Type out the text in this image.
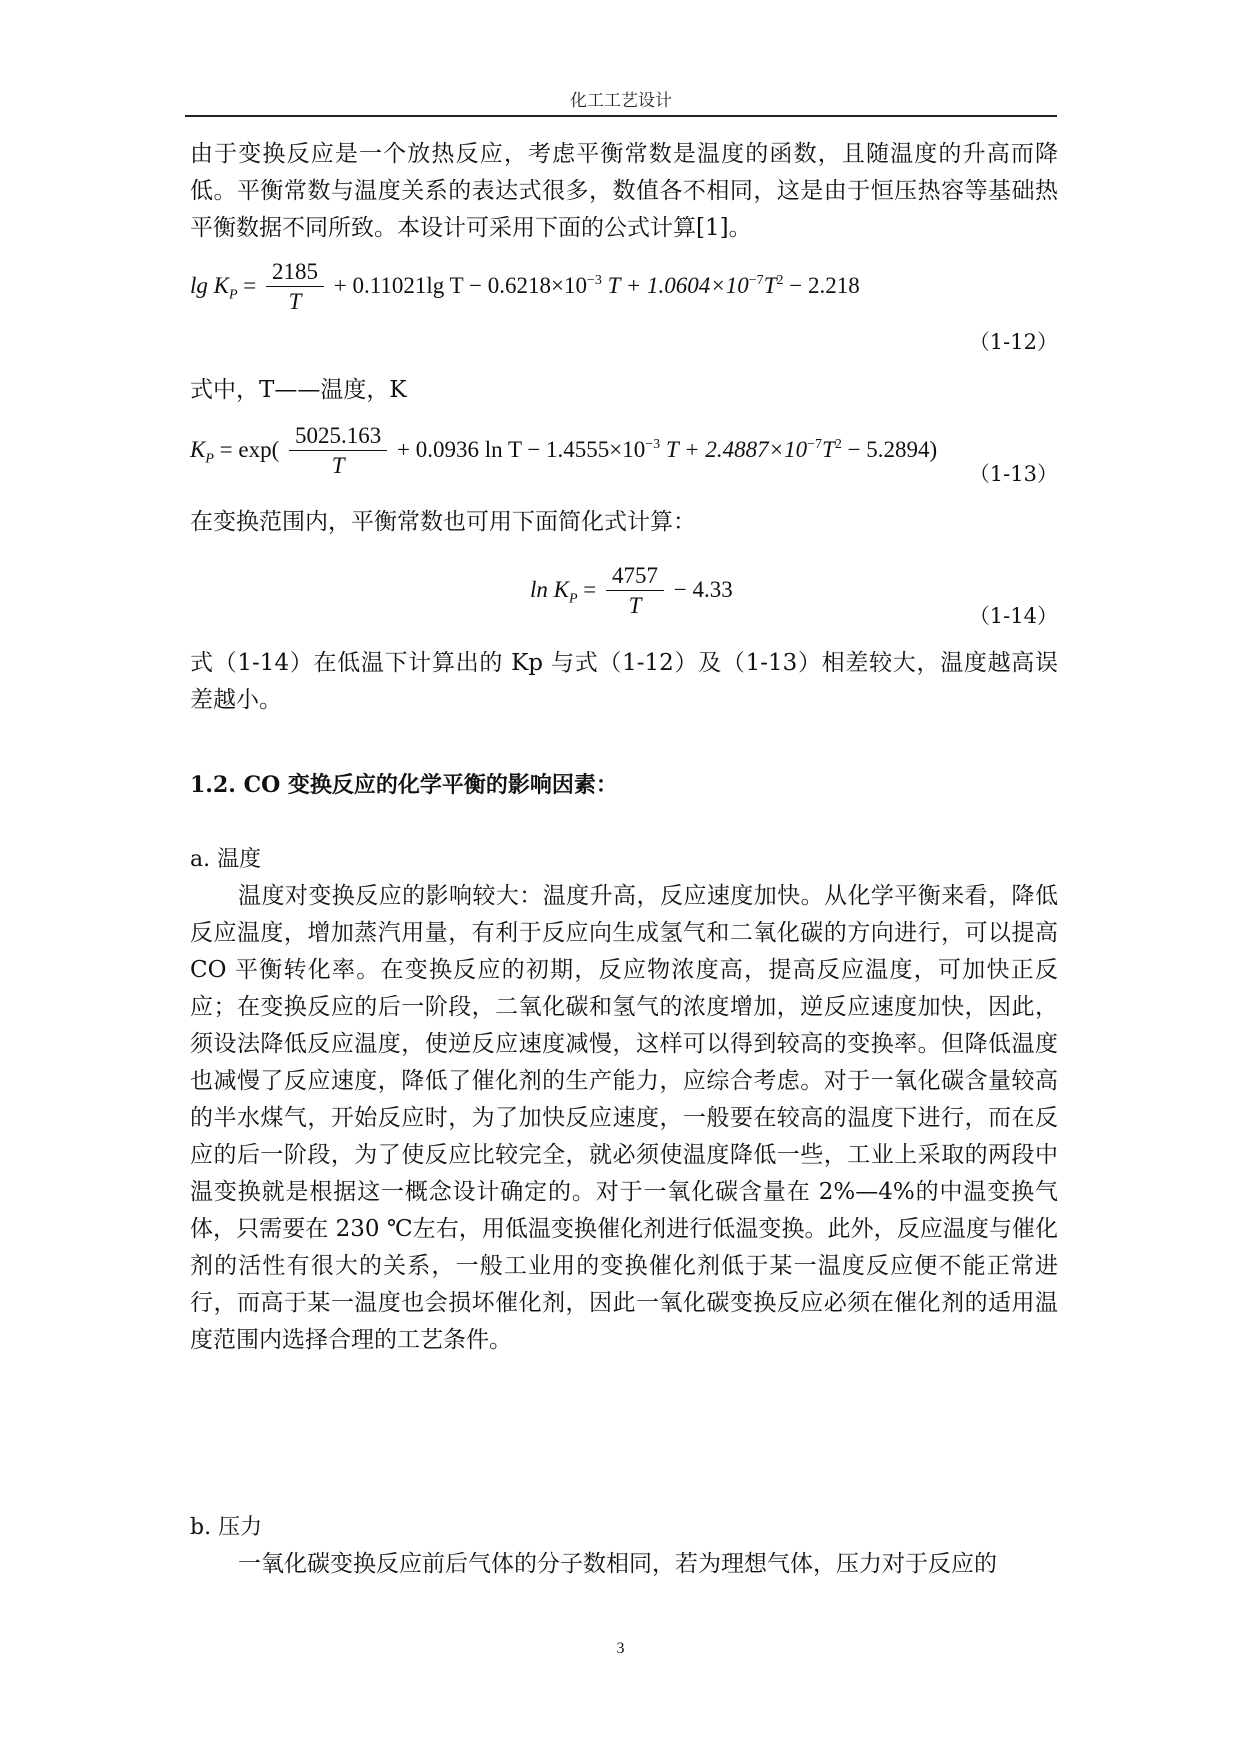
化工工艺设计

由于变换反应是一个放热反应，考虑平衡常数是温度的函数，且随温度的升高而降低。平衡常数与温度关系的表达式很多，数值各不相同，这是由于恒压热容等基础热平衡数据不同所致。本设计可采用下面的公式计算[1]。

$\lg K_P = \frac{2185}{T} + 0.11021\lg$ $T - 0.6218\times 10^{-3}$ $T + 1.0604\times 10^{-7}T^2 - 2.218$
（1-12）

式中，T——温度，K

$K_P = \exp( \frac{5025.163}{T} + 0.0936$ $\ln T - 1.4555\times 10^{-3}$ $T + 2.4887\times 10^{-7}T^2 - 5.2894$)
（1-13）

在变换范围内，平衡常数也可用下面简化式计算：

$\ln K_P = \frac{4757}{T} - 4.33$
（1-14）

式（1-14）在低温下计算出的 Kp 与式（1-12）及（1-13）相差较大，温度越高误差越小。

1.2. CO 变换反应的化学平衡的影响因素：
a. 温度

温度对变换反应的影响较大：温度升高，反应速度加快。从化学平衡来看，降低反应温度，增加蒸汽用量，有利于反应向生成氢气和二氧化碳的方向进行，可以提高 CO 平衡转化率。在变换反应的初期，反应物浓度高，提高反应温度，可加快正反应；在变换反应的后一阶段，二氧化碳和氢气的浓度增加，逆反应速度加快，因此，须设法降低反应温度，使逆反应速度减慢，这样可以得到较高的变换率。但降低温度也减慢了反应速度，降低了催化剂的生产能力，应综合考虑。对于一氧化碳含量较高的半水煤气，开始反应时，为了加快反应速度，一般要在较高的温度下进行，而在反应的后一阶段，为了使反应比较完全，就必须使温度降低一些，工业上采取的两段中温变换就是根据这一概念设计确定的。对于一氧化碳含量在 2%—4%的中温变换气体，只需要在 230 ℃左右，用低温变换催化剂进行低温变换。此外，反应温度与催化剂的活性有很大的关系，一般工业用的变换催化剂低于某一温度反应便不能正常进行，而高于某一温度也会损坏催化剂，因此一氧化碳变换反应必须在催化剂的适用温度范围内选择合理的工艺条件。

b. 压力

一氧化碳变换反应前后气体的分子数相同，若为理想气体，压力对于反应的

3
